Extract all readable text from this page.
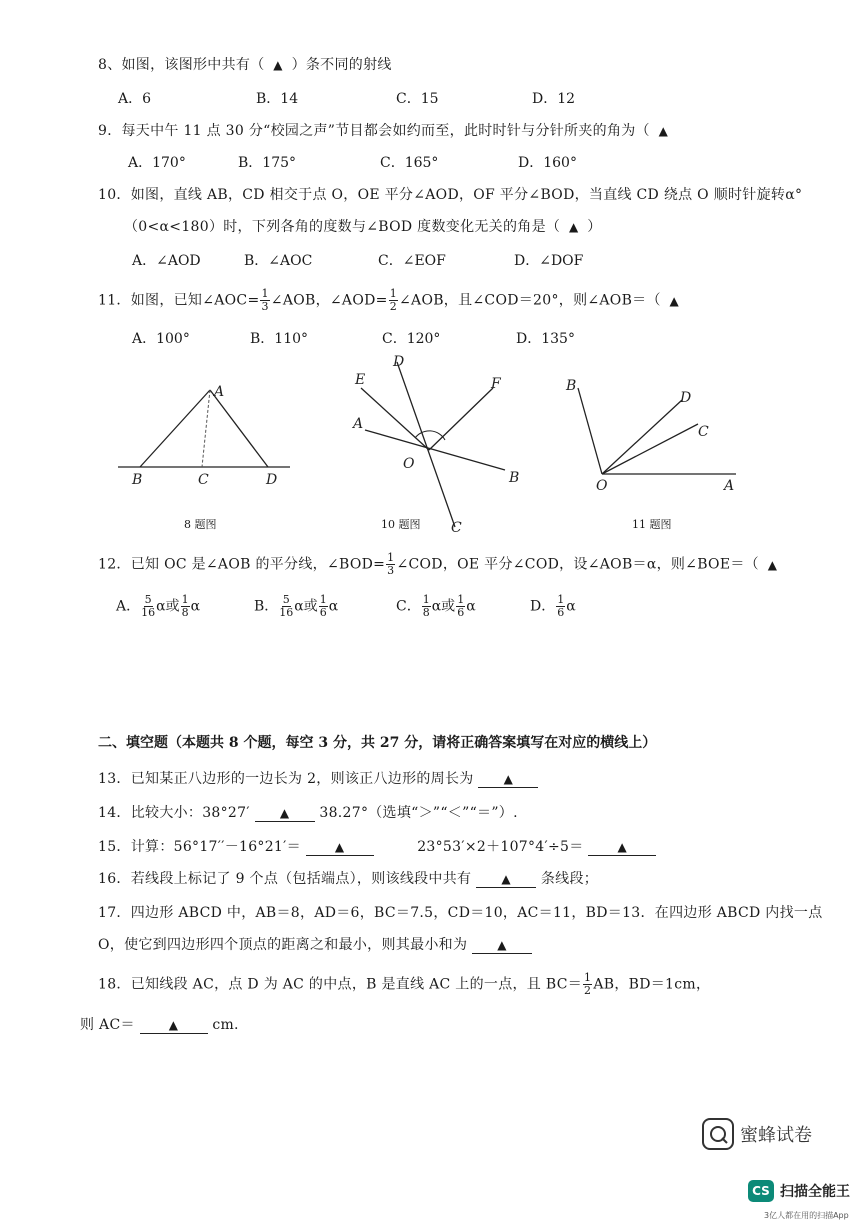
8、如图，该图形中共有（ ▲ ）条不同的射线
A．6	B．14	C．15	D．12
9．每天中午 11 点 30 分“校园之声”节目都会如约而至，此时时针与分针所夹的角为（ ▲
A．170°	B．175°	C．165°	D．160°
10．如图，直线 AB，CD 相交于点 O，OE 平分∠AOD，OF 平分∠BOD，当直线 CD 绕点 O 顺时针旋转α°
（0<α<180）时，下列各角的度数与∠BOD 度数变化无关的角是（ ▲ ）
A．∠AOD	B．∠AOC	C．∠EOF	D．∠DOF
11．如图，已知∠AOC= $\frac{1}{3}$ ∠AOB，∠AOD= $\frac{1}{2}$ ∠AOB，且∠COD＝20°，则∠AOB＝（ ▲
A．100°	B．110°	C．120°	D．135°
A
B	C	D
8 题图
D
E	F
A
O
B
C
10 题图
B
D
C
O	A
11 题图
12．已知 OC 是∠AOB 的平分线，∠BOD= $\frac{1}{3}$ ∠COD，OE 平分∠COD，设∠AOB＝α，则∠BOE＝（ ▲
A． $\frac{5}{16}$ α或 $\frac{1}{8}$ α	B． $\frac{5}{16}$ α或 $\frac{1}{6}$ α	C． $\frac{1}{8}$ α或 $\frac{1}{6}$ α	D． $\frac{1}{6}$ α
二、填空题（本题共 8 个题，每空 3 分，共 27 分，请将正确答案填写在对应的横线上）
13．已知某正八边形的一边长为 2，则该正八边形的周长为	▲
14．比较大小：38°27′	▲ 38.27°（选填“＞”“＜”“＝”）.
15．计算：56°17′′－16°21′＝	▲	23°53′×2＋107°4′÷5＝	▲
16．若线段上标记了 9 个点（包括端点），则该线段中共有	▲ 条线段；
17．四边形 ABCD 中，AB＝8，AD＝6，BC＝7.5，CD＝10，AC＝11，BD＝13．在四边形 ABCD 内找一点
O，使它到四边形四个顶点的距离之和最小，则其最小和为	▲
18．已知线段 AC，点 D 为 AC 的中点，B 是直线 AC 上的一点，且 $BC= \frac{1}{2}$ AB，BD＝1cm，
则 AC＝	▲ cm.
蜜蜂试卷
CS 扫描全能王
3亿人都在用的扫描App
